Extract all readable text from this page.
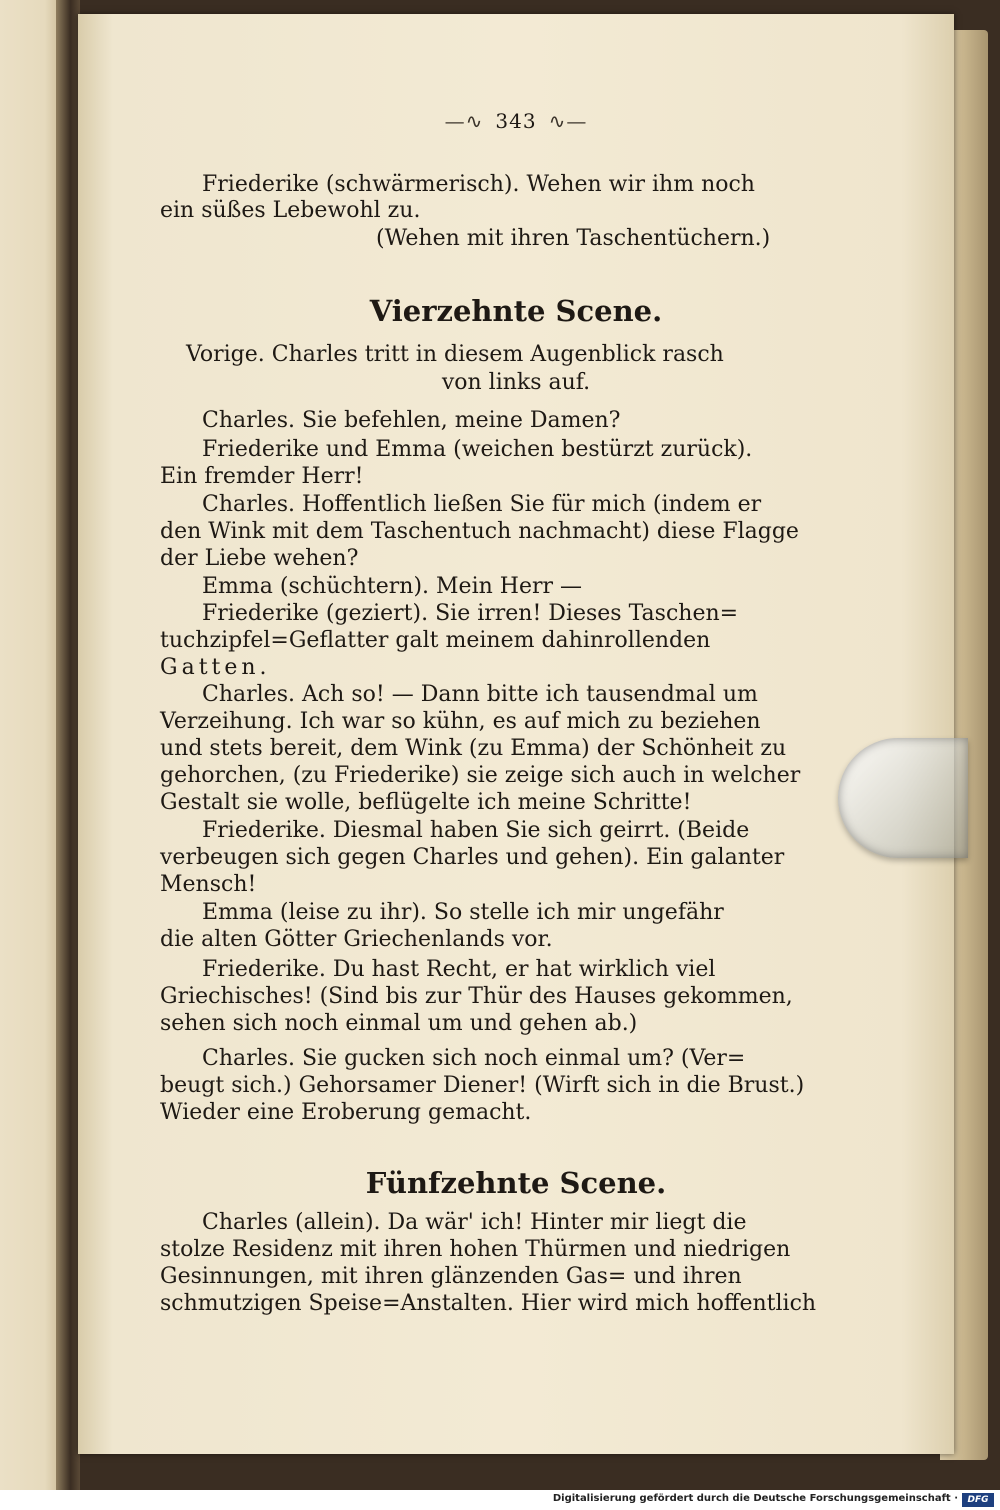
—∿ 343 ∿—
Friederike (schwärmerisch). Wehen wir ihm noch
ein süßes Lebewohl zu.
(Wehen mit ihren Taschentüchern.)
Vierzehnte Scene.
Vorige. Charles tritt in diesem Augenblick rasch
von links auf.
Charles. Sie befehlen, meine Damen?
Friederike und Emma (weichen bestürzt zurück).
Ein fremder Herr!
Charles. Hoffentlich ließen Sie für mich (indem er
den Wink mit dem Taschentuch nachmacht) diese Flagge
der Liebe wehen?
Emma (schüchtern). Mein Herr —
Friederike (geziert). Sie irren! Dieses Taschen=
tuchzipfel=Geflatter galt meinem dahinrollenden
Gatten.
Charles. Ach so! — Dann bitte ich tausendmal um
Verzeihung. Ich war so kühn, es auf mich zu beziehen
und stets bereit, dem Wink (zu Emma) der Schönheit zu
gehorchen, (zu Friederike) sie zeige sich auch in welcher
Gestalt sie wolle, beflügelte ich meine Schritte!
Friederike. Diesmal haben Sie sich geirrt. (Beide
verbeugen sich gegen Charles und gehen). Ein galanter
Mensch!
Emma (leise zu ihr). So stelle ich mir ungefähr
die alten Götter Griechenlands vor.
Friederike. Du hast Recht, er hat wirklich viel
Griechisches! (Sind bis zur Thür des Hauses gekommen,
sehen sich noch einmal um und gehen ab.)
Charles. Sie gucken sich noch einmal um? (Ver=
beugt sich.) Gehorsamer Diener! (Wirft sich in die Brust.)
Wieder eine Eroberung gemacht.
Fünfzehnte Scene.
Charles (allein). Da wär' ich! Hinter mir liegt die
stolze Residenz mit ihren hohen Thürmen und niedrigen
Gesinnungen, mit ihren glänzenden Gas= und ihren
schmutzigen Speise=Anstalten. Hier wird mich hoffentlich
Digitalisierung gefördert durch die Deutsche Forschungsgemeinschaft ·	DFG
